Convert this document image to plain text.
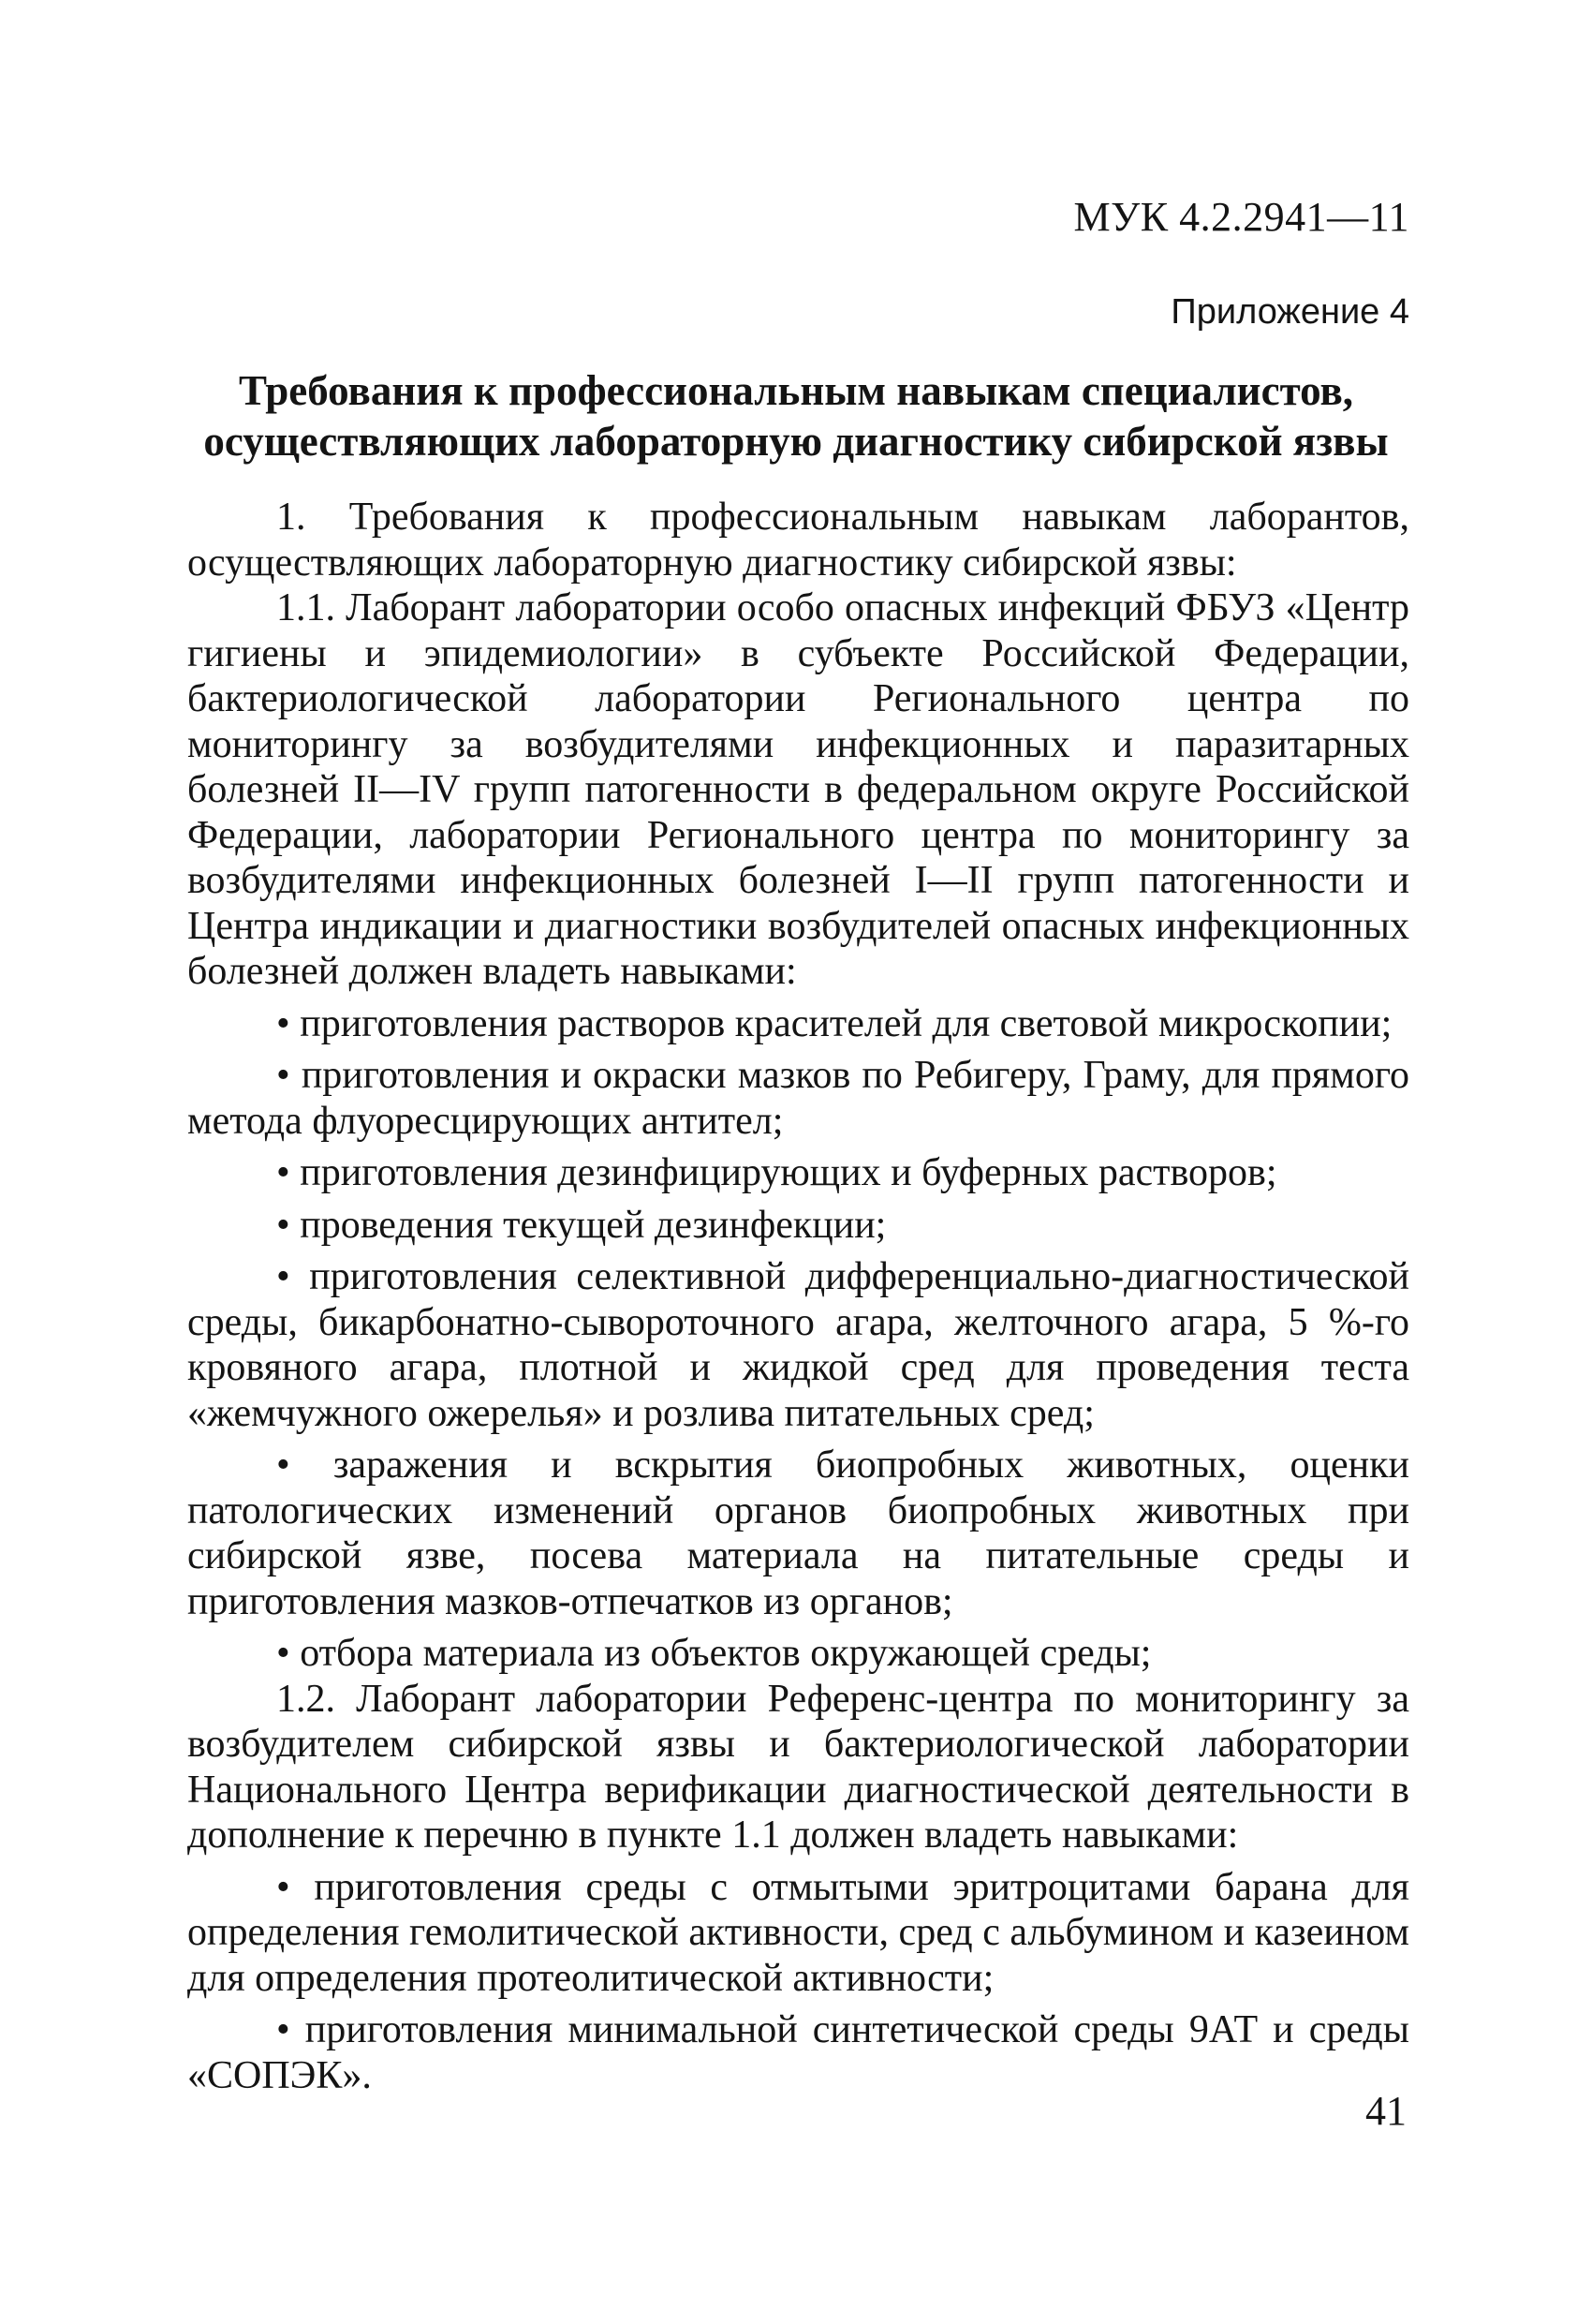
МУК 4.2.2941—11
Приложение 4
Требования к профессиональным навыкам специалистов,
осуществляющих лабораторную диагностику сибирской язвы

1. Требования к профессиональным навыкам лаборантов, осуществляющих лабораторную диагностику сибирской язвы:

1.1. Лаборант лаборатории особо опасных инфекций ФБУЗ «Центр гигиены и эпидемиологии» в субъекте Российской Федерации, бактериологической лаборатории Регионального центра по мониторингу за возбудителями инфекционных и паразитарных болезней II—IV групп патогенности в федеральном округе Российской Федерации, лаборатории Регионального центра по мониторингу за возбудителями инфекционных болезней I—II групп патогенности и Центра индикации и диагностики возбудителей опасных инфекционных болезней должен владеть навыками:

• приготовления растворов красителей для световой микроскопии;

• приготовления и окраски мазков по Ребигеру, Граму, для прямого метода флуоресцирующих антител;

• приготовления дезинфицирующих и буферных растворов;

• проведения текущей дезинфекции;

• приготовления селективной дифференциально-диагностической среды, бикарбонатно-сывороточного агара, желточного агара, 5 %-го кровяного агара, плотной и жидкой сред для проведения теста «жемчужного ожерелья» и розлива питательных сред;

• заражения и вскрытия биопробных животных, оценки патологических изменений органов биопробных животных при сибирской язве, посева материала на питательные среды и приготовления мазков-отпечатков из органов;

• отбора материала из объектов окружающей среды;

1.2. Лаборант лаборатории Референс-центра по мониторингу за возбудителем сибирской язвы и бактериологической лаборатории Национального Центра верификации диагностической деятельности в дополнение к перечню в пункте 1.1 должен владеть навыками:

• приготовления среды с отмытыми эритроцитами барана для определения гемолитической активности, сред с альбумином и казеином для определения протеолитической активности;

• приготовления минимальной синтетической среды 9АТ и среды «СОПЭК».

41
